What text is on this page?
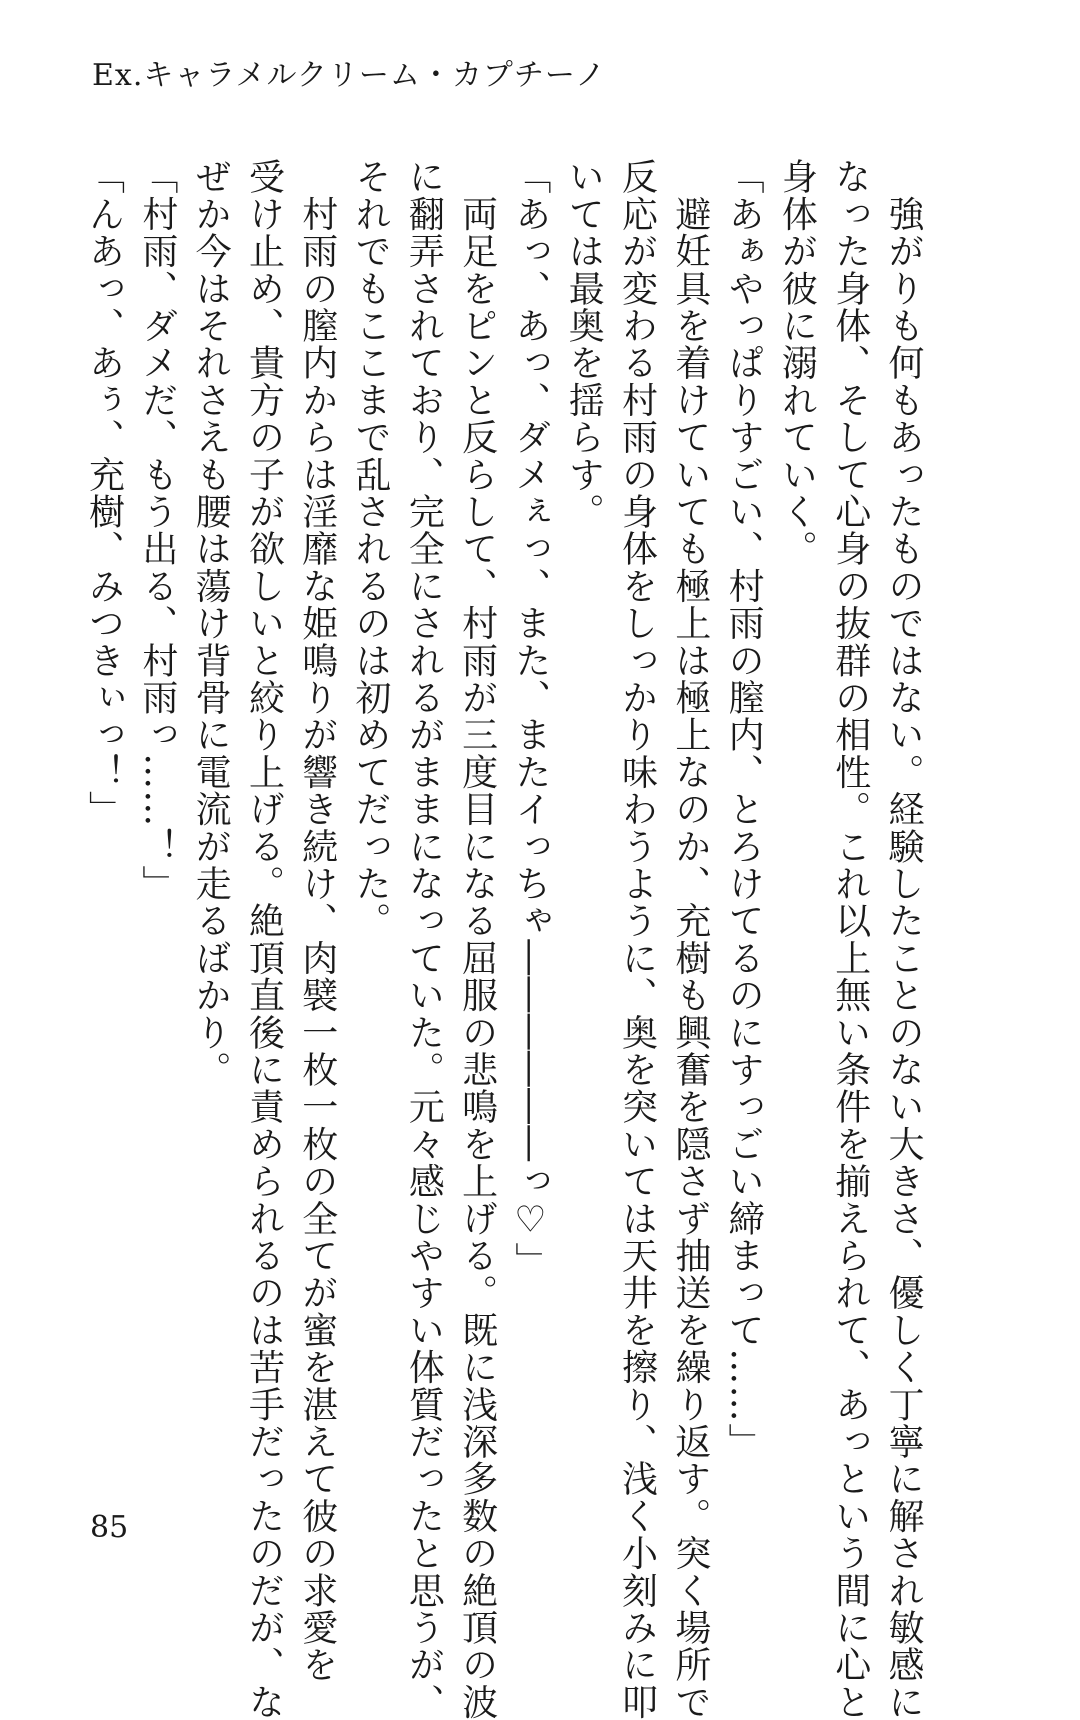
Ex.キャラメルクリーム・カプチーノ

強がりも何もあったものではない。経験したことのない大きさ、優しく丁寧に解され敏感に

なった身体、そして心身の抜群の相性。これ以上無い条件を揃えられて、あっという間に心と

身体が彼に溺れていく。

「あぁやっぱりすごい、村雨の膣内、とろけてるのにすっごい締まって……」

避妊具を着けていても極上は極上なのか、充樹も興奮を隠さず抽送を繰り返す。突く場所で

反応が変わる村雨の身体をしっかり味わうように、奥を突いては天井を擦り、浅く小刻みに叩

いては最奥を揺らす。

「あっ、あっ、ダメぇっ、また、またイっちゃ――――――っ♡」

両足をピンと反らして、村雨が三度目になる屈服の悲鳴を上げる。既に浅深多数の絶頂の波

に翻弄されており、完全にされるがままになっていた。元々感じやすい体質だったと思うが、

それでもここまで乱されるのは初めてだった。

村雨の膣内からは淫靡な姫鳴りが響き続け、肉襞一枚一枚の全てが蜜を湛えて彼の求愛を

受け止め、貴方の子が欲しいと絞り上げる。絶頂直後に責められるのは苦手だったのだが、な

ぜか今はそれさえも腰は蕩け背骨に電流が走るばかり。

「村雨、ダメだ、もう出る、村雨っ……！」

「んあっ、あぅ、充樹、みつきぃっ！」

85
